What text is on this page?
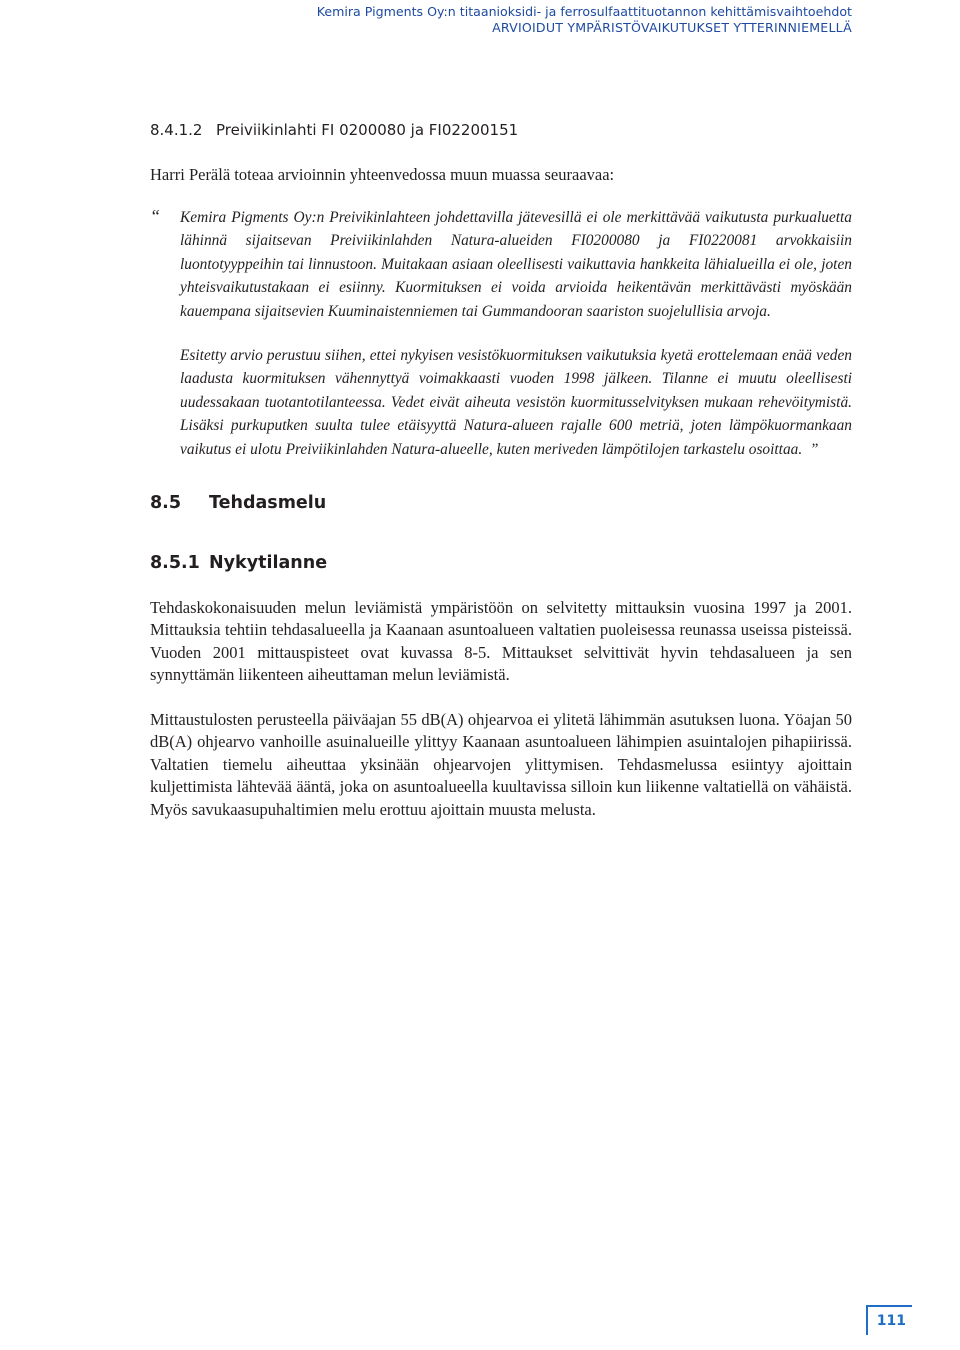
Kemira Pigments Oy:n titaanioksidi- ja ferrosulfaattituotannon kehittämisvaihtoehdot
ARVIOIDUT YMPÄRISTÖVAIKUTUKSET YTTERINNIEMELLÄ
8.4.1.2 Preiviikinlahti FI 0200080 ja FI02200151

Harri Perälä toteaa arvioinnin yhteenvedossa muun muassa seuraavaa:

“ Kemira Pigments Oy:n Preivikinlahteen johdettavilla jätevesillä ei ole merkittävää vaikutusta purkualuetta lähinnä sijaitsevan Preiviikinlahden Natura-alueiden FI0200080 ja FI0220081 arvokkaisiin luontotyyppeihin tai linnustoon. Muitakaan asiaan oleellisesti vaikuttavia hankkeita lähialueilla ei ole, joten yhteisvaikutustakaan ei esiinny. Kuormituksen ei voida arvioida heikentävän merkittävästi myöskään kauempana sijaitsevien Kuuminaistenniemen tai Gummandooran saariston suojelullisia arvoja.

Esitetty arvio perustuu siihen, ettei nykyisen vesistökuormituksen vaikutuksia kyetä erottelemaan enää veden laadusta kuormituksen vähennyttyä voimakkaasti vuoden 1998 jälkeen. Tilanne ei muutu oleellisesti uudessakaan tuotantotilanteessa. Vedet eivät aiheuta vesistön kuormitusselvityksen mukaan rehevöitymistä. Lisäksi purkuputken suulta tulee etäisyyttä Natura-alueen rajalle 600 metriä, joten lämpökuormankaan vaikutus ei ulotu Preiviikinlahden Natura-alueelle, kuten meriveden lämpötilojen tarkastelu osoittaa. ”

8.5 Tehdasmelu
8.5.1 Nykytilanne

Tehdaskokonaisuuden melun leviämistä ympäristöön on selvitetty mittauksin vuosina 1997 ja 2001. Mittauksia tehtiin tehdasalueella ja Kaanaan asuntoalueen valtatien puoleisessa reunassa useissa pisteissä. Vuoden 2001 mittauspisteet ovat kuvassa 8-5. Mittaukset selvittivät hyvin tehdasalueen ja sen synnyttämän liikenteen aiheuttaman melun leviämistä.

Mittaustulosten perusteella päiväajan 55 dB(A) ohjearvoa ei ylitetä lähimmän asutuksen luona. Yöajan 50 dB(A) ohjearvo vanhoille asuinalueille ylittyy Kaanaan asuntoalueen lähimpien asuintalojen pihapiirissä. Valtatien tiemelu aiheuttaa yksinään ohjearvojen ylittymisen. Tehdasmelussa esiintyy ajoittain kuljettimista lähtevää ääntä, joka on asuntoalueella kuultavissa silloin kun liikenne valtatiellä on vähäistä. Myös savukaasupuhaltimien melu erottuu ajoittain muusta melusta.

111
